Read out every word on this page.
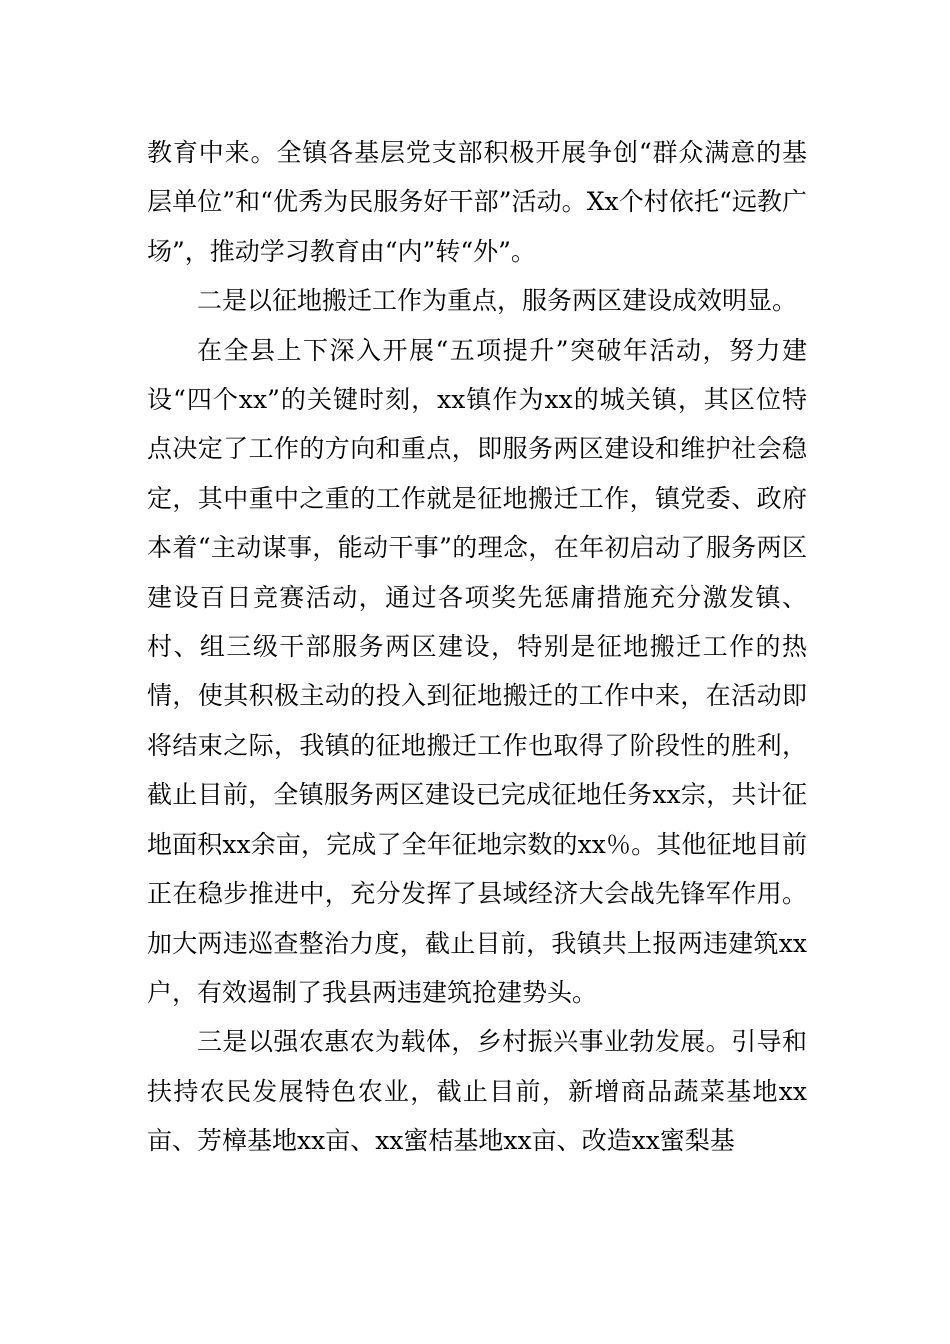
教育中来。全镇各基层党支部积极开展争创“群众满意的基层单位”和“优秀为民服务好干部”活动。Xx个村依托“远教广场”，推动学习教育由“内”转“外”。

二是以征地搬迁工作为重点，服务两区建设成效明显。

在全县上下深入开展“五项提升”突破年活动，努力建设“四个xx”的关键时刻，xx镇作为xx的城关镇，其区位特点决定了工作的方向和重点，即服务两区建设和维护社会稳定，其中重中之重的工作就是征地搬迁工作，镇党委、政府本着“主动谋事，能动干事”的理念，在年初启动了服务两区建设百日竞赛活动，通过各项奖先惩庸措施充分激发镇、村、组三级干部服务两区建设，特别是征地搬迁工作的热情，使其积极主动的投入到征地搬迁的工作中来，在活动即将结束之际，我镇的征地搬迁工作也取得了阶段性的胜利，截止目前，全镇服务两区建设已完成征地任务xx宗，共计征地面积xx余亩，完成了全年征地宗数的xx％。其他征地目前正在稳步推进中，充分发挥了县域经济大会战先锋军作用。加大两违巡查整治力度，截止目前，我镇共上报两违建筑xx户，有效遏制了我县两违建筑抢建势头。

三是以强农惠农为载体，乡村振兴事业勃发展。引导和扶持农民发展特色农业，截止目前，新增商品蔬菜基地xx亩、芳樟基地xx亩、xx蜜桔基地xx亩、改造xx蜜梨基
